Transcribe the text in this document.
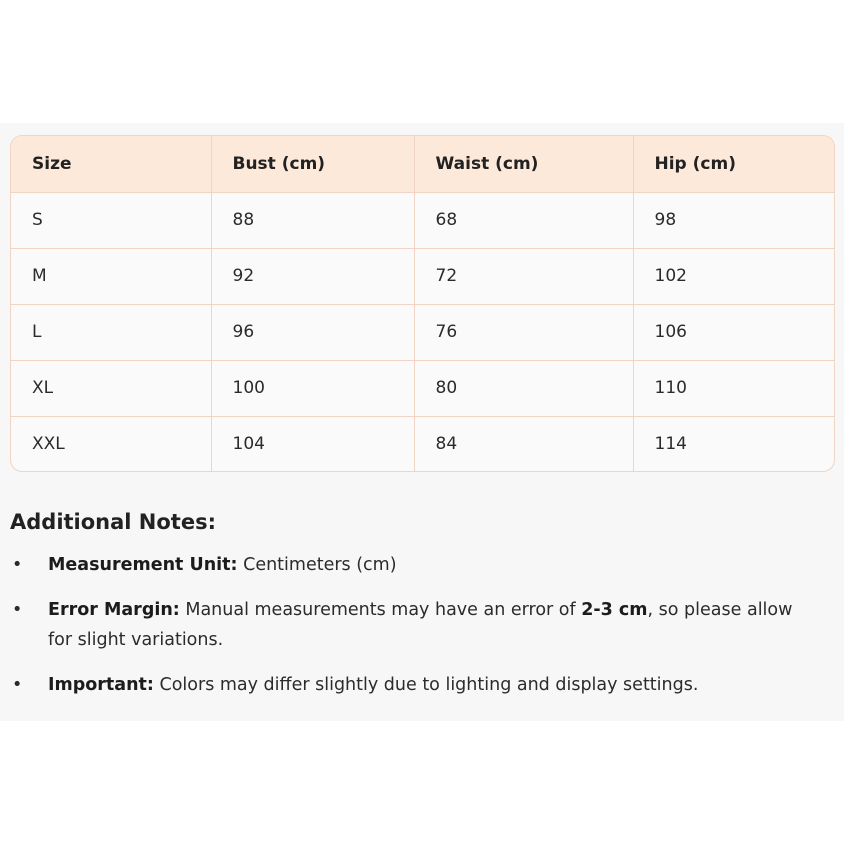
Size	Bust (cm)	Waist (cm)	Hip (cm)
S	88	68	98
M	92	72	102
L	96	76	106
XL	100	80	110
XXL	104	84	114
Additional Notes:
• Measurement Unit: Centimeters (cm)
• Error Margin: Manual measurements may have an error of 2-3 cm, so please allow for slight variations.
• Important: Colors may differ slightly due to lighting and display settings.
